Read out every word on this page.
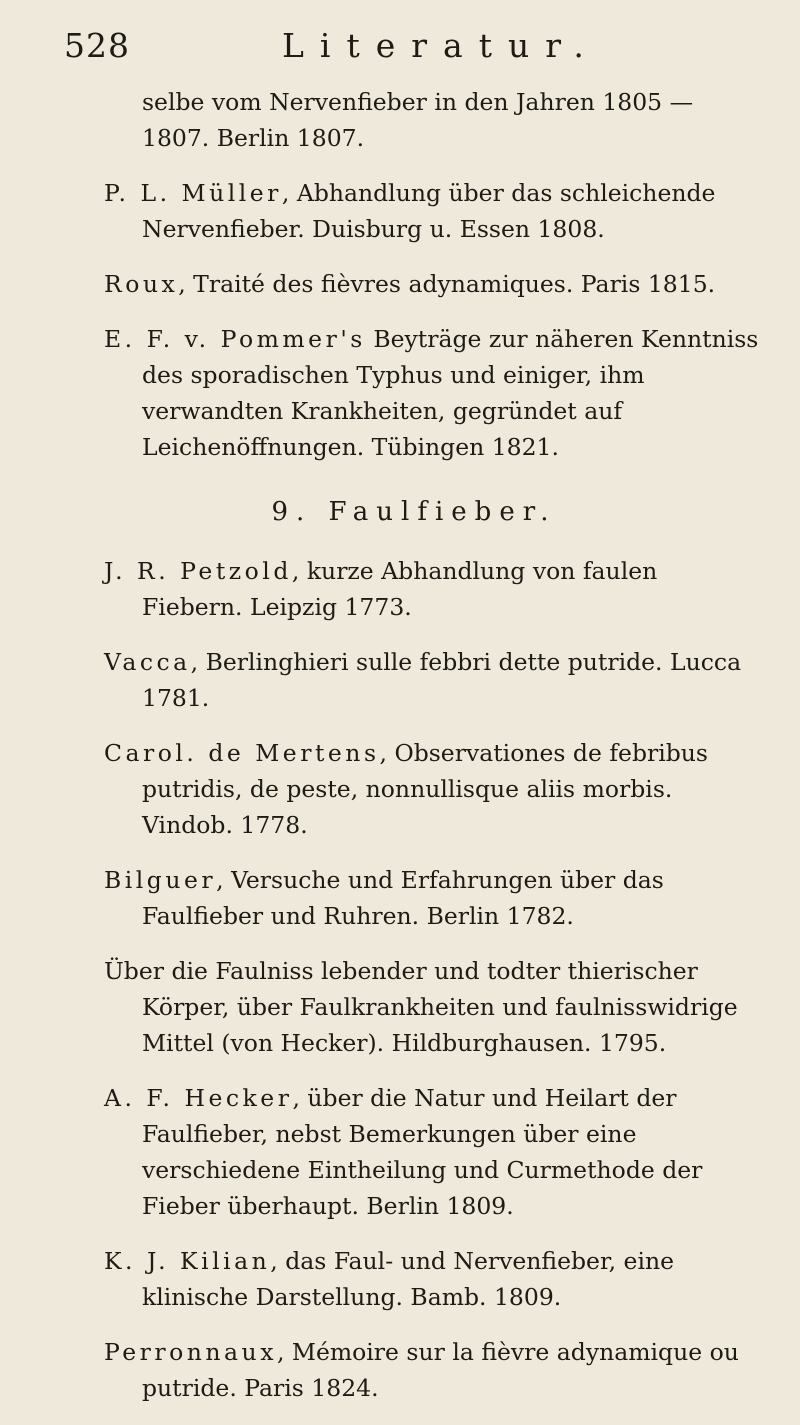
528	Literatur.

selbe vom Nervenfieber in den Jahren 1805 — 1807. Berlin 1807.

P. L. Müller, Abhandlung über das schleichende Nervenfieber. Duisburg u. Essen 1808.

Roux, Traité des fièvres adynamiques. Paris 1815.

E. F. v. Pommer's Beyträge zur näheren Kenntniss des sporadischen Typhus und einiger, ihm verwandten Krankheiten, gegründet auf Leichenöffnungen. Tübingen 1821.

9. Faulfieber.

J. R. Petzold, kurze Abhandlung von faulen Fiebern. Leipzig 1773.

Vacca, Berlinghieri sulle febbri dette putride. Lucca 1781.

Carol. de Mertens, Observationes de febribus putridis, de peste, nonnullisque aliis morbis. Vindob. 1778.

Bilguer, Versuche und Erfahrungen über das Faulfieber und Ruhren. Berlin 1782.

Über die Faulniss lebender und todter thierischer Körper, über Faulkrankheiten und faulnisswidrige Mittel (von Hecker). Hildburghausen. 1795.

A. F. Hecker, über die Natur und Heilart der Faulfieber, nebst Bemerkungen über eine verschiedene Eintheilung und Curmethode der Fieber überhaupt. Berlin 1809.

K. J. Kilian, das Faul- und Nervenfieber, eine klinische Darstellung. Bamb. 1809.

Perronnaux, Mémoire sur la fièvre adynamique ou putride. Paris 1824.
